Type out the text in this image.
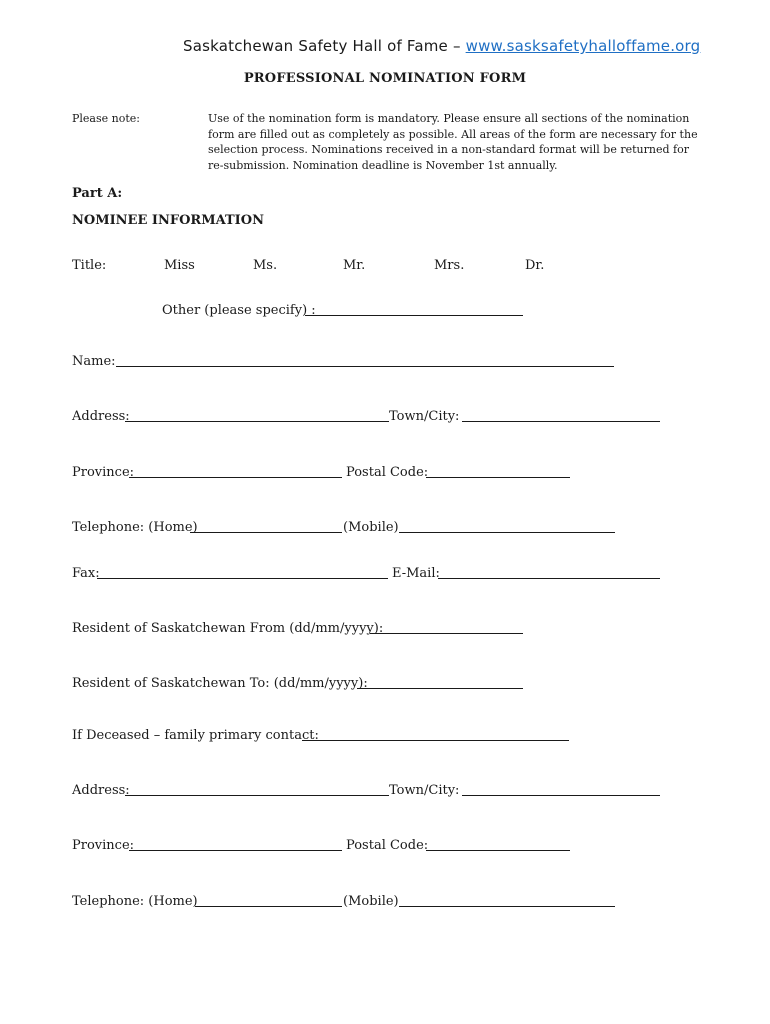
Saskatchewan Safety Hall of Fame – www.sasksafetyhalloffame.org
PROFESSIONAL NOMINATION FORM
Please note:	Use of the nomination form is mandatory. Please ensure all sections of the nomination form are filled out as completely as possible. All areas of the form are necessary for the selection process. Nominations received in a non-standard format will be returned for re-submission. Nomination deadline is November 1st annually.
Part A:
NOMINEE INFORMATION
Title:	Miss	Ms.	Mr.	Mrs.	Dr.
Other (please specify) :
Name:
Address:	Town/City:
Province:	Postal Code:
Telephone: (Home)	(Mobile)
Fax:	E-Mail:
Resident of Saskatchewan From (dd/mm/yyyy):
Resident of Saskatchewan To: (dd/mm/yyyy):
If Deceased – family primary contact:
Address:	Town/City:
Province:	Postal Code:
Telephone: (Home)	(Mobile)
